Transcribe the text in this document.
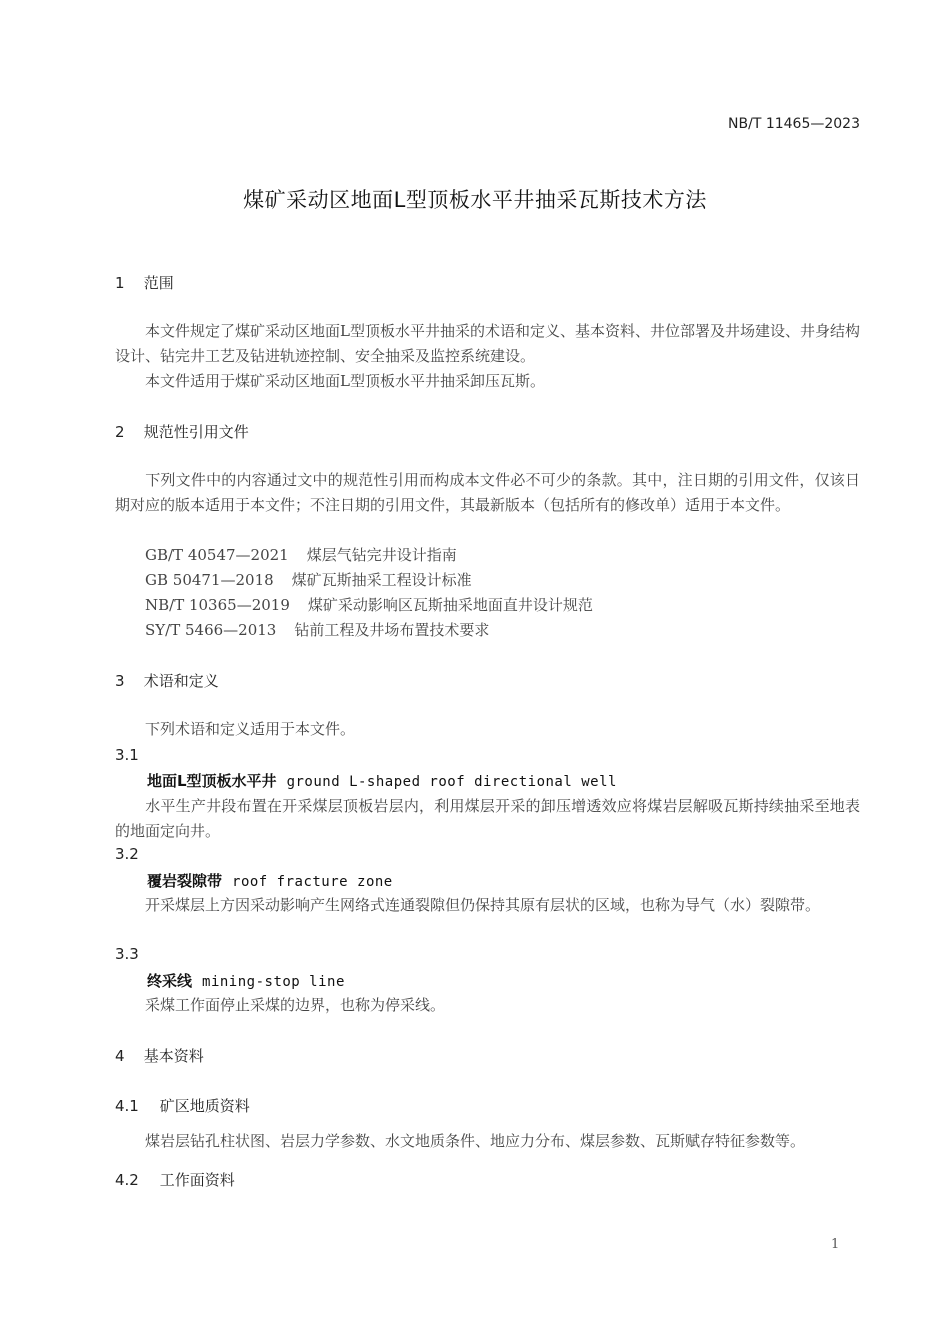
NB/T 11465—2023
煤矿采动区地面L型顶板水平井抽采瓦斯技术方法
1 范围
本文件规定了煤矿采动区地面L型顶板水平井抽采的术语和定义、基本资料、井位部署及井场建设、井身结构设计、钻完井工艺及钻进轨迹控制、安全抽采及监控系统建设。
本文件适用于煤矿采动区地面L型顶板水平井抽采卸压瓦斯。
2 规范性引用文件
下列文件中的内容通过文中的规范性引用而构成本文件必不可少的条款。其中，注日期的引用文件，仅该日期对应的版本适用于本文件；不注日期的引用文件，其最新版本（包括所有的修改单）适用于本文件。
GB/T 40547—2021 煤层气钻完井设计指南
GB 50471—2018 煤矿瓦斯抽采工程设计标准
NB/T 10365—2019 煤矿采动影响区瓦斯抽采地面直井设计规范
SY/T 5466—2013 钻前工程及井场布置技术要求
3 术语和定义
下列术语和定义适用于本文件。
3.1
地面L型顶板水平井 ground L-shaped roof directional well
水平生产井段布置在开采煤层顶板岩层内，利用煤层开采的卸压增透效应将煤岩层解吸瓦斯持续抽采至地表的地面定向井。
3.2
覆岩裂隙带 roof fracture zone
开采煤层上方因采动影响产生网络式连通裂隙但仍保持其原有层状的区域，也称为导气（水）裂隙带。
3.3
终采线 mining-stop line
采煤工作面停止采煤的边界，也称为停采线。
4 基本资料
4.1 矿区地质资料
煤岩层钻孔柱状图、岩层力学参数、水文地质条件、地应力分布、煤层参数、瓦斯赋存特征参数等。
4.2 工作面资料
1
